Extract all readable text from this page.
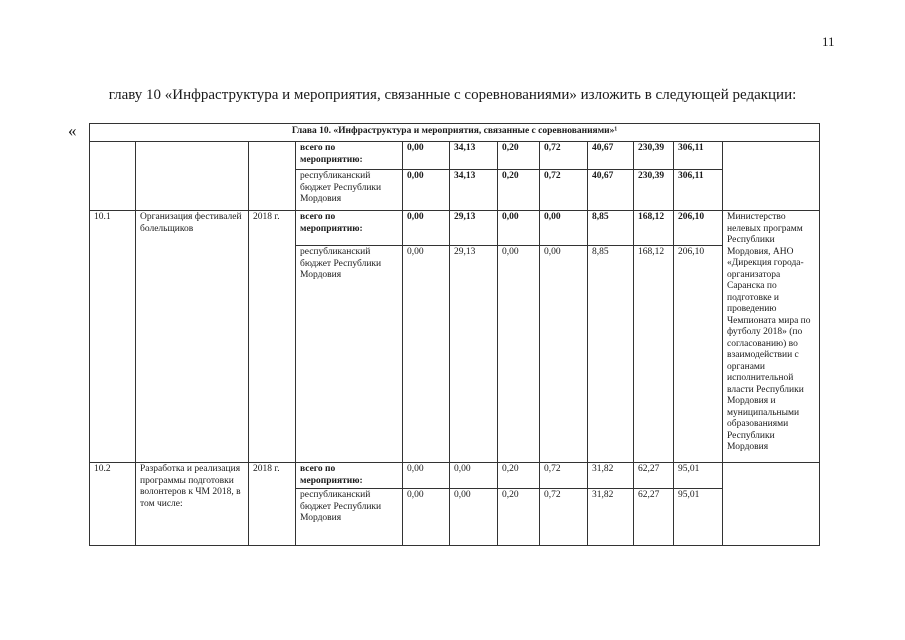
11
главу 10 «Инфраструктура и мероприятия, связанные с соревнованиями» изложить в следующей редакции:
«	Глава 10. «Инфраструктура и мероприятия, связанные с соревнованиями»¹											
			всего по мероприятию:	0,00	34,13	0,20	0,72	40,67	230,39	306,11	
			республиканский бюджет Республики Мордовия	0,00	34,13	0,20	0,72	40,67	230,39	306,11	
10.1	Организация фестивалей болельщиков	2018 г.	всего по мероприятию:	0,00	29,13	0,00	0,00	8,85	168,12	206,10	Министерство нелевых программ Республики Мордовия, АНО «Дирекция города-организатора Саранска по подготовке и проведению Чемпионата мира по футболу 2018» (по согласованию) во взаимодействии с органами исполнительной власти Республики Мордовия и муниципальными образованиями Республики Мордовия
			республиканский бюджет Республики Мордовия	0,00	29,13	0,00	0,00	8,85	168,12	206,10	
10.2	Разработка и реализация программы подготовки волонтеров к ЧМ 2018, в том числе:	2018 г.	всего по мероприятию:	0,00	0,00	0,20	0,72	31,82	62,27	95,01	
			республиканский бюджет Республики Мордовия	0,00	0,00	0,20	0,72	31,82	62,27	95,01	
